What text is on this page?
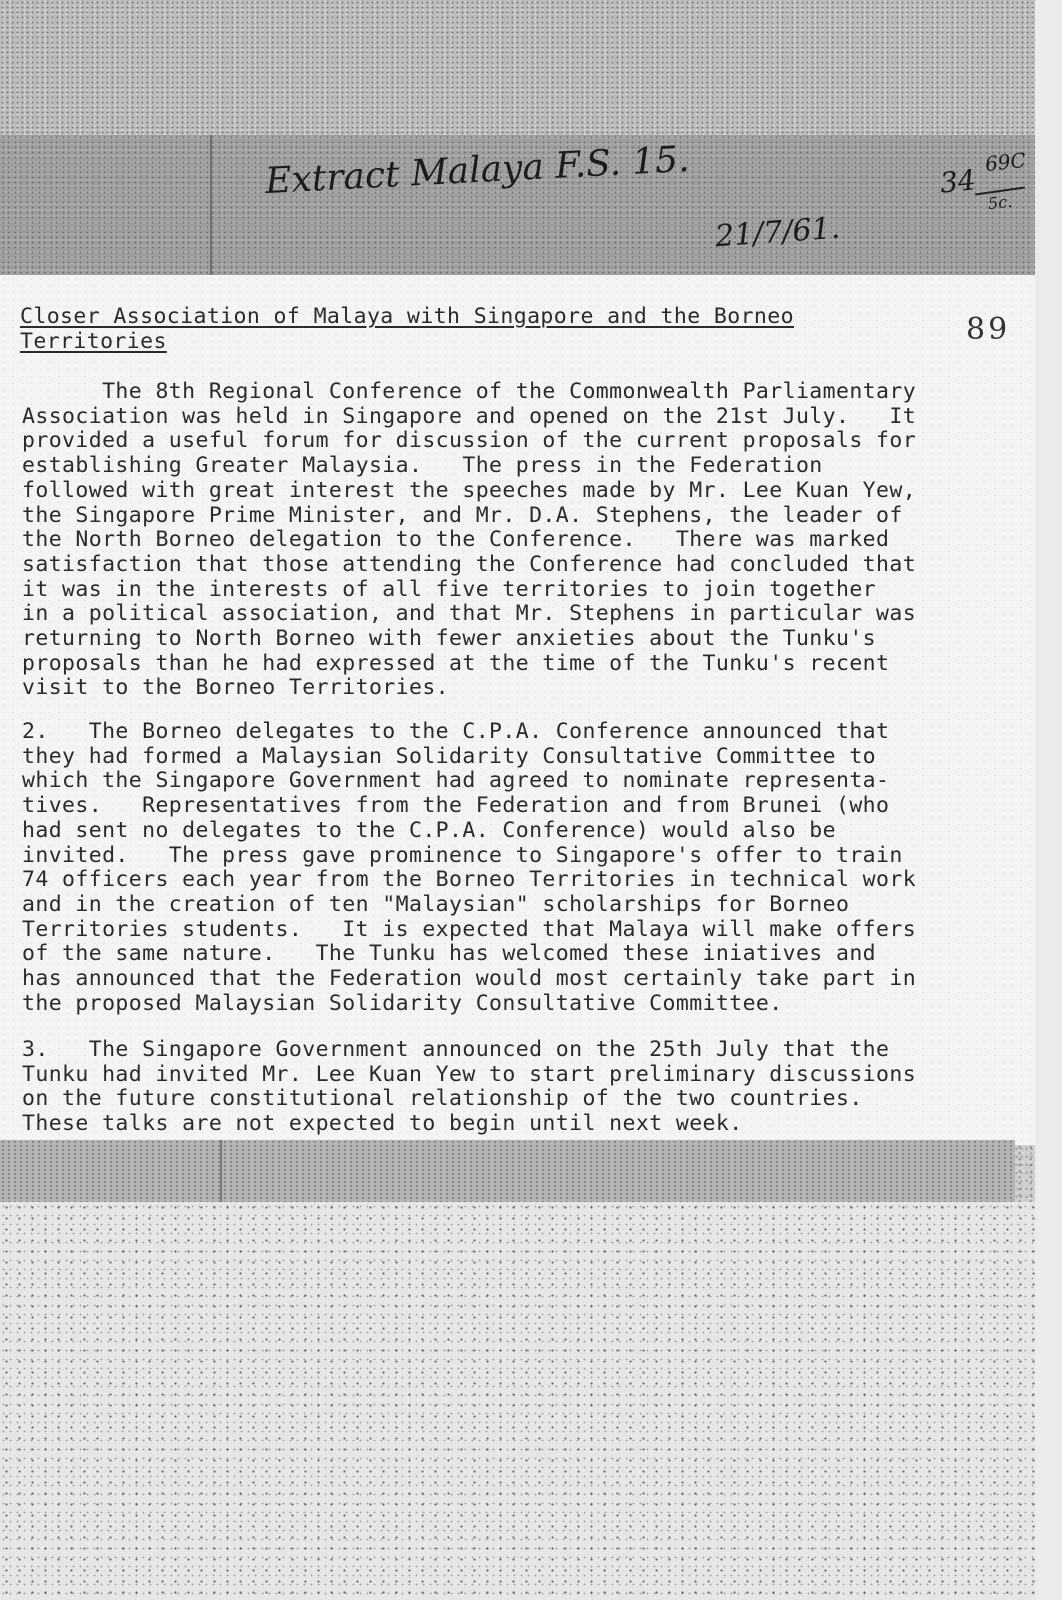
Extract Malaya F.S. 15.
21/7/61.
34
69C
5c.
Closer Association of Malaya with Singapore and the Borneo
Territories	89

The 8th Regional Conference of the Commonwealth Parliamentary
Association was held in Singapore and opened on the 21st July.   It
provided a useful forum for discussion of the current proposals for
establishing Greater Malaysia.   The press in the Federation
followed with great interest the speeches made by Mr. Lee Kuan Yew,
the Singapore Prime Minister, and Mr. D.A. Stephens, the leader of
the North Borneo delegation to the Conference.   There was marked
satisfaction that those attending the Conference had concluded that
it was in the interests of all five territories to join together
in a political association, and that Mr. Stephens in particular was
returning to North Borneo with fewer anxieties about the Tunku's
proposals than he had expressed at the time of the Tunku's recent
visit to the Borneo Territories.

2.   The Borneo delegates to the C.P.A. Conference announced that
they had formed a Malaysian Solidarity Consultative Committee to
which the Singapore Government had agreed to nominate representa-
tives.   Representatives from the Federation and from Brunei (who
had sent no delegates to the C.P.A. Conference) would also be
invited.   The press gave prominence to Singapore's offer to train
74 officers each year from the Borneo Territories in technical work
and in the creation of ten "Malaysian" scholarships for Borneo
Territories students.   It is expected that Malaya will make offers
of the same nature.   The Tunku has welcomed these iniatives and
has announced that the Federation would most certainly take part in
the proposed Malaysian Solidarity Consultative Committee.

3.   The Singapore Government announced on the 25th July that the
Tunku had invited Mr. Lee Kuan Yew to start preliminary discussions
on the future constitutional relationship of the two countries.
These talks are not expected to begin until next week.
